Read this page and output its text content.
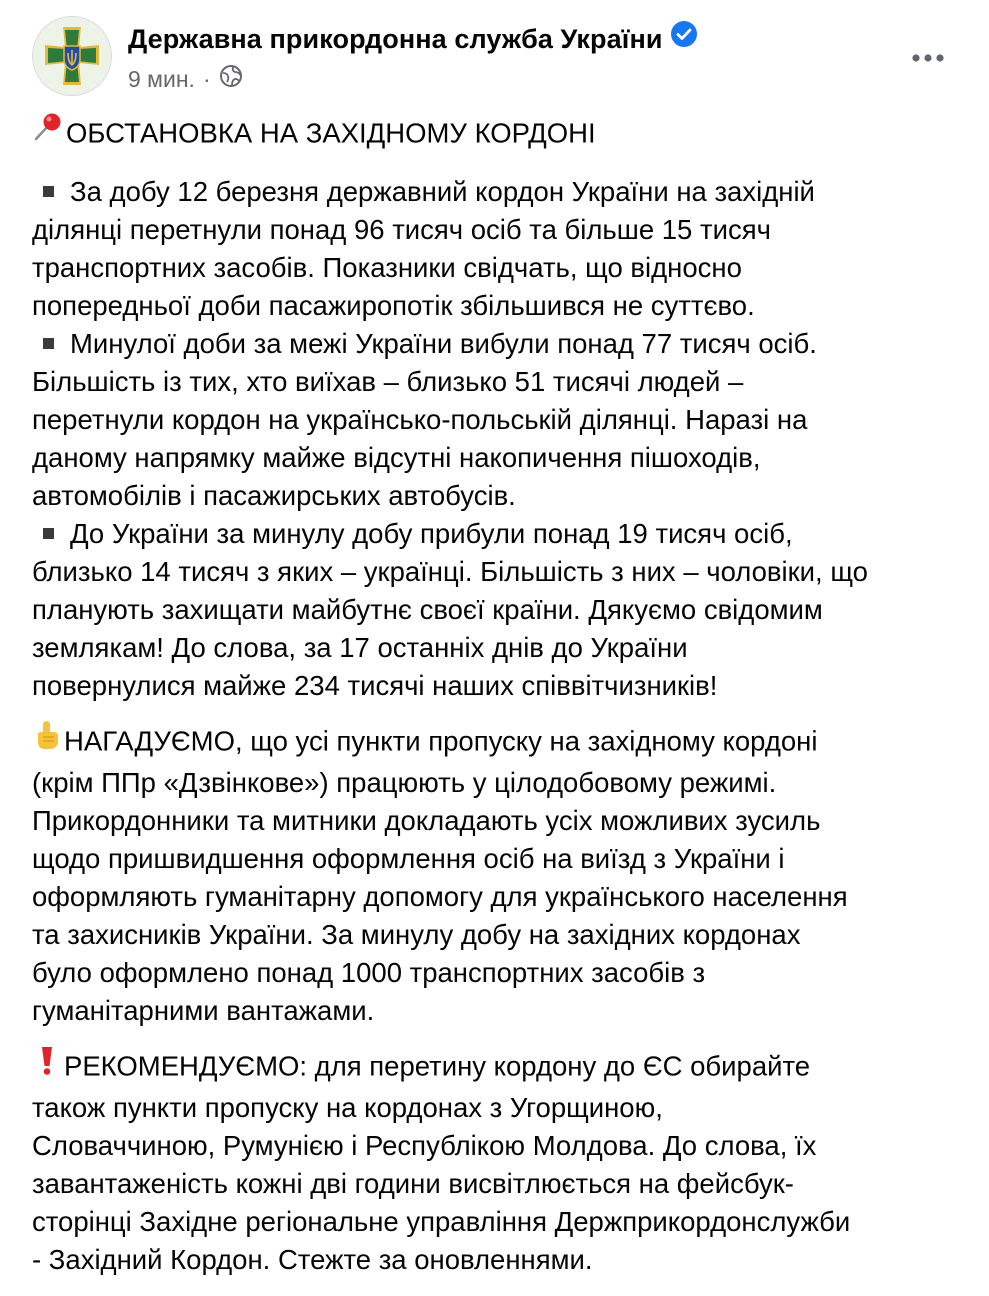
Державна прикордонна служба України
9 мин. ·
ОБСТАНОВКА НА ЗАХІДНОМУ КОРДОНІ
За добу 12 березня державний кордон України на західній
ділянці перетнули понад 96 тисяч осіб та більше 15 тисяч
транспортних засобів. Показники свідчать, що відносно
попередньої доби пасажиропотік збільшився не суттєво.
Минулої доби за межі України вибули понад 77 тисяч осіб.
Більшість із тих, хто виїхав – близько 51 тисячі людей –
перетнули кордон на українсько-польській ділянці. Наразі на
даному напрямку майже відсутні накопичення пішоходів,
автомобілів і пасажирських автобусів.
До України за минулу добу прибули понад 19 тисяч осіб,
близько 14 тисяч з яких – українці. Більшість з них – чоловіки, що
планують захищати майбутнє своєї країни. Дякуємо свідомим
землякам! До слова, за 17 останніх днів до України
повернулися майже 234 тисячі наших співвітчизників!
НАГАДУЄМО, що усі пункти пропуску на західному кордоні
(крім ППр «Дзвінкове») працюють у цілодобовому режимі.
Прикордонники та митники докладають усіх можливих зусиль
щодо пришвидшення оформлення осіб на виїзд з України і
оформляють гуманітарну допомогу для українського населення
та захисників України. За минулу добу на західних кордонах
було оформлено понад 1000 транспортних засобів з
гуманітарними вантажами.
РЕКОМЕНДУЄМО: для перетину кордону до ЄС обирайте
також пункти пропуску на кордонах з Угорщиною,
Словаччиною, Румунією і Республікою Молдова. До слова, їх
завантаженість кожні дві години висвітлюється на фейсбук-
сторінці Західне регіональне управління Держприкордонслужби
- Західний Кордон. Стежте за оновленнями.
